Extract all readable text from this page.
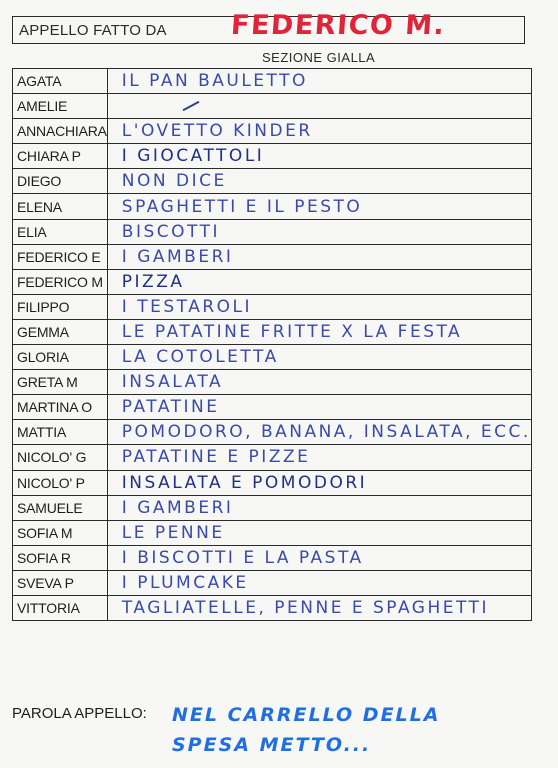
APPELLO FATTO DA FEDERICO M.
SEZIONE GIALLA
AGATA	IL PAN BAULETTO
AMELIE	
ANNACHIARA	L'OVETTO KINDER
CHIARA P	I GIOCATTOLI
DIEGO	NON DICE
ELENA	SPAGHETTI E IL PESTO
ELIA	BISCOTTI
FEDERICO E	I GAMBERI
FEDERICO M	PIZZA
FILIPPO	I TESTAROLI
GEMMA	LE PATATINE FRITTE X LA FESTA
GLORIA	LA COTOLETTA
GRETA M	INSALATA
MARTINA O	PATATINE
MATTIA	POMODORO, BANANA, INSALATA, ECC.
NICOLO' G	PATATINE E PIZZE
NICOLO' P	INSALATA E POMODORI
SAMUELE	I GAMBERI
SOFIA M	LE PENNE
SOFIA R	I BISCOTTI E LA PASTA
SVEVA P	I PLUMCAKE
VITTORIA	TAGLIATELLE, PENNE E SPAGHETTI
PAROLA APPELLO: NEL CARRELLO DELLA SPESA METTO...
